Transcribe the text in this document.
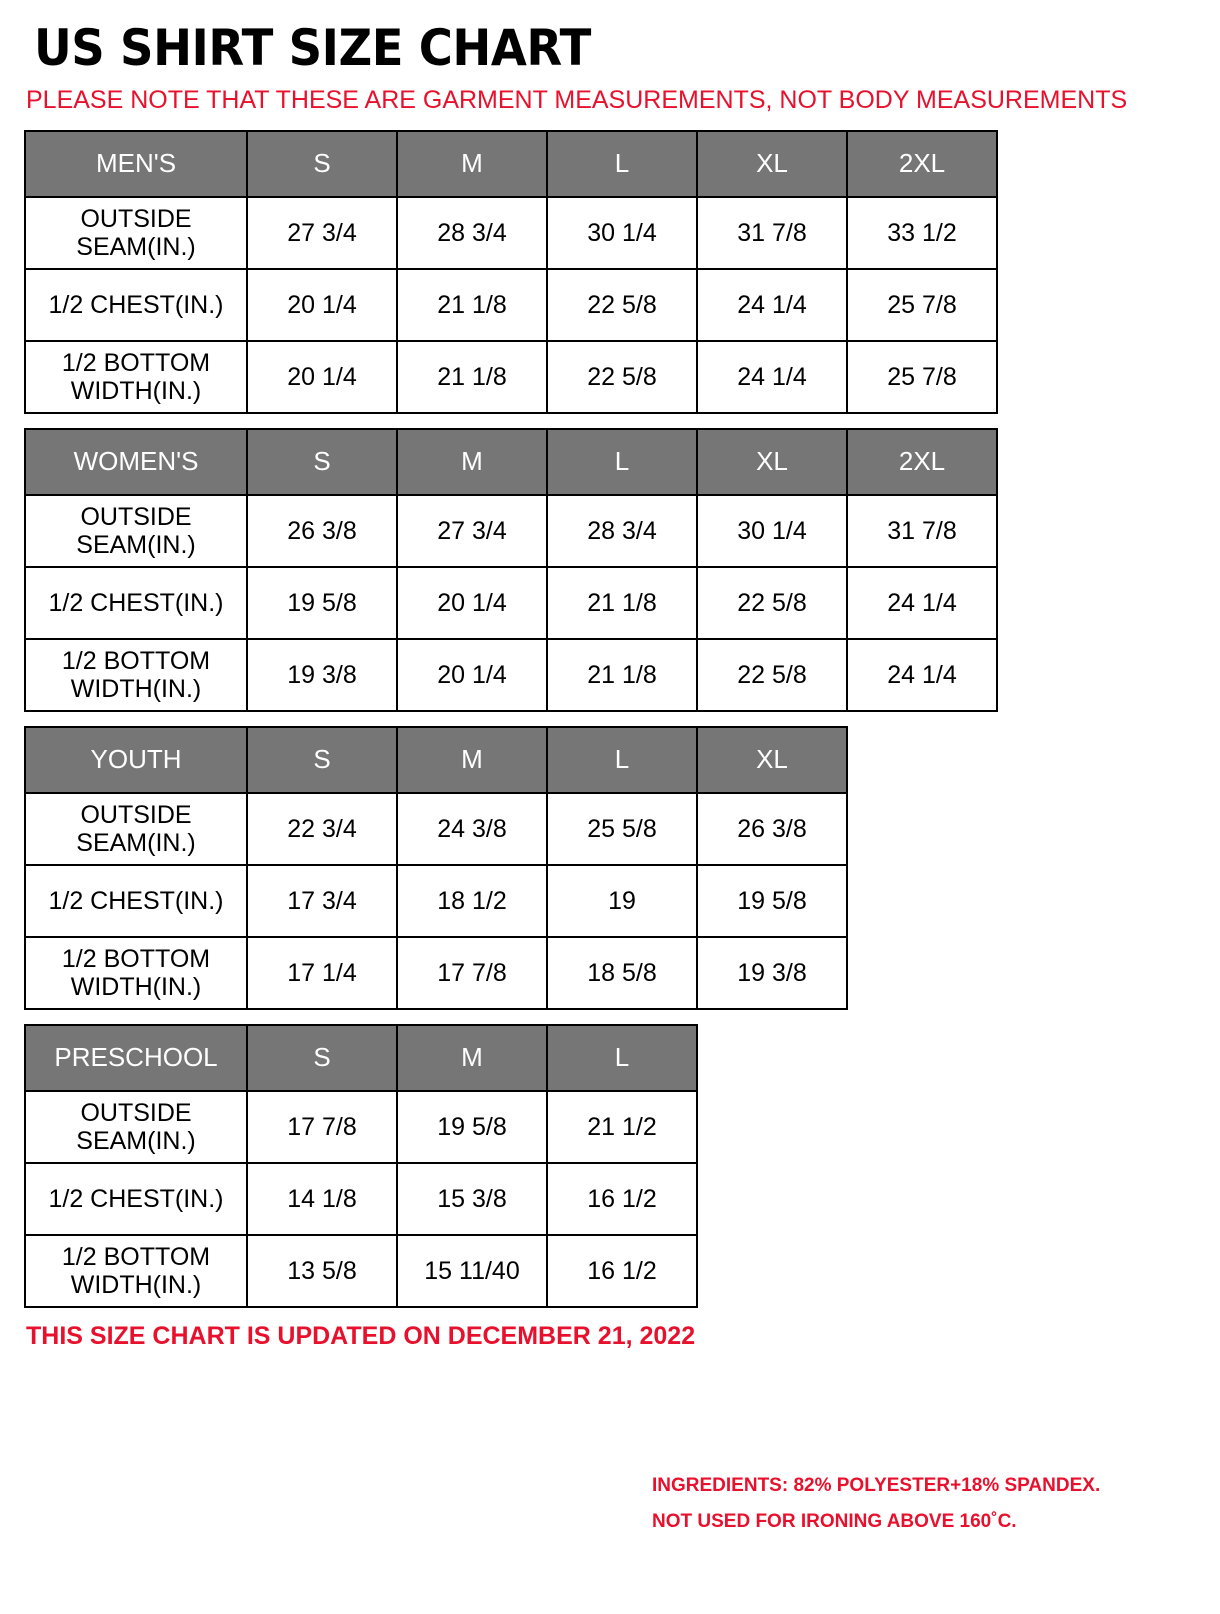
US SHIRT SIZE CHART
PLEASE NOTE THAT THESE ARE GARMENT MEASUREMENTS, NOT BODY MEASUREMENTS
MEN'S	S	M	L	XL	2XL

OUTSIDE
SEAM(IN.)	27 3/4	28 3/4	30 1/4	31 7/8	33 1/2

1/2 CHEST(IN.)	20 1/4	21 1/8	22 5/8	24 1/4	25 7/8

1/2 BOTTOM
WIDTH(IN.)	20 1/4	21 1/8	22 5/8	24 1/4	25 7/8
WOMEN'S	S	M	L	XL	2XL

OUTSIDE
SEAM(IN.)	26 3/8	27 3/4	28 3/4	30 1/4	31 7/8

1/2 CHEST(IN.)	19 5/8	20 1/4	21 1/8	22 5/8	24 1/4

1/2 BOTTOM
WIDTH(IN.)	19 3/8	20 1/4	21 1/8	22 5/8	24 1/4
YOUTH	S	M	L	XL

OUTSIDE
SEAM(IN.)	22 3/4	24 3/8	25 5/8	26 3/8

1/2 CHEST(IN.)	17 3/4	18 1/2	19	19 5/8

1/2 BOTTOM
WIDTH(IN.)	17 1/4	17 7/8	18 5/8	19 3/8
PRESCHOOL	S	M	L

OUTSIDE
SEAM(IN.)	17 7/8	19 5/8	21 1/2

1/2 CHEST(IN.)	14 1/8	15 3/8	16 1/2

1/2 BOTTOM
WIDTH(IN.)	13 5/8	15 11/40	16 1/2
INGREDIENTS: 82% POLYESTER+18% SPANDEX.
NOT USED FOR IRONING ABOVE 160˚C.
THIS SIZE CHART IS UPDATED ON DECEMBER 21, 2022
